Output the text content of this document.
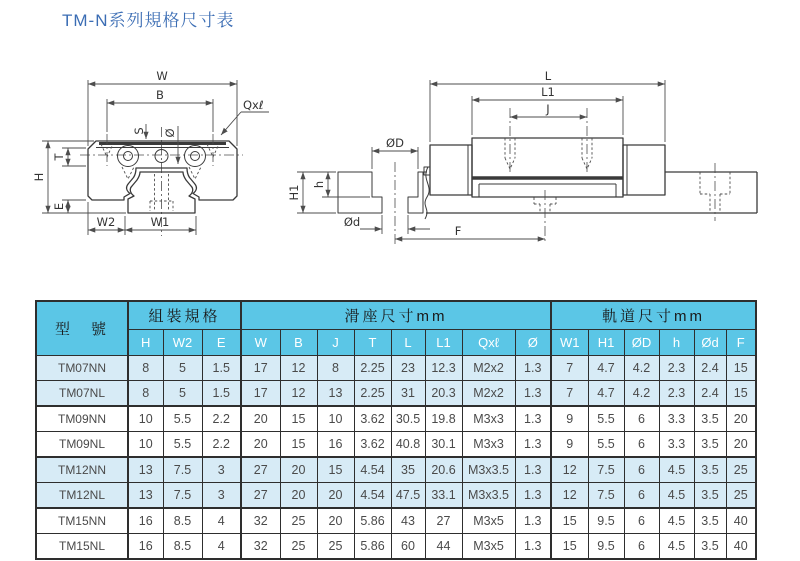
TM-N系列規格尺寸表
W
B
Qxℓ
T
H
E
W2	W1
S Ø
L
L1
J
ØD
Ød
H1
h
F
型　號	組裝規格			滑座尺寸mm								軌道尺寸mm					
	H	W2	E	W	B	J	T	L	L1	Qxℓ	Ø	W1	H1	ØD	h	Ød	F
TM07NN	8	5	1.5	17	12	8	2.25	23	12.3	M2x2	1.3	7	4.7	4.2	2.3	2.4	15
TM07NL	8	5	1.5	17	12	13	2.25	31	20.3	M2x2	1.3	7	4.7	4.2	2.3	2.4	15
TM09NN	10	5.5	2.2	20	15	10	3.62	30.5	19.8	M3x3	1.3	9	5.5	6	3.3	3.5	20
TM09NL	10	5.5	2.2	20	15	16	3.62	40.8	30.1	M3x3	1.3	9	5.5	6	3.3	3.5	20
TM12NN	13	7.5	3	27	20	15	4.54	35	20.6	M3x3.5	1.3	12	7.5	6	4.5	3.5	25
TM12NL	13	7.5	3	27	20	20	4.54	47.5	33.1	M3x3.5	1.3	12	7.5	6	4.5	3.5	25
TM15NN	16	8.5	4	32	25	20	5.86	43	27	M3x5	1.3	15	9.5	6	4.5	3.5	40
TM15NL	16	8.5	4	32	25	25	5.86	60	44	M3x5	1.3	15	9.5	6	4.5	3.5	40
